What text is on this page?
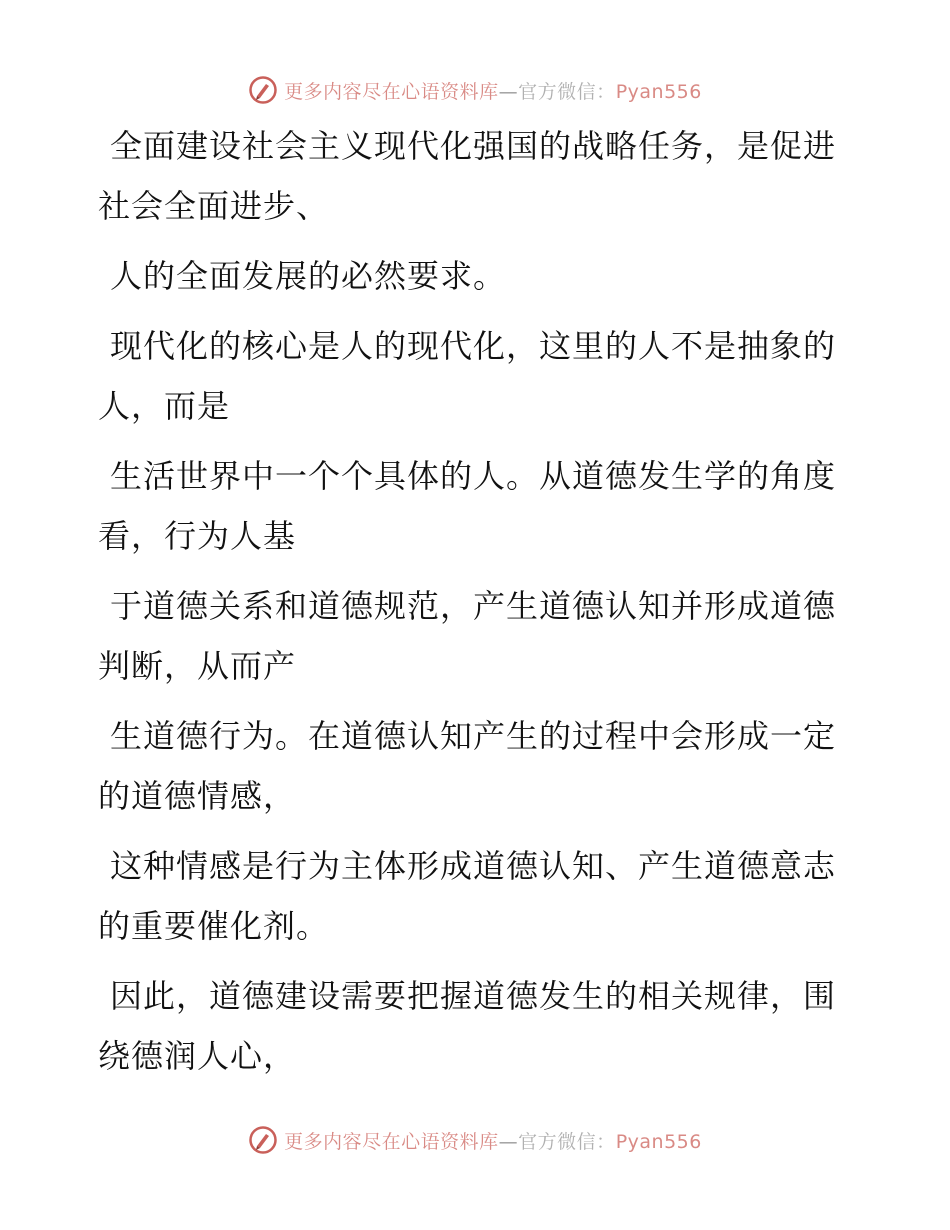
更多内容尽在心语资料库—官方微信：Pyan556

全面建设社会主义现代化强国的战略任务，是促进社会全面进步、

人的全面发展的必然要求。

现代化的核心是人的现代化，这里的人不是抽象的人，而是

生活世界中一个个具体的人。从道德发生学的角度看，行为人基

于道德关系和道德规范，产生道德认知并形成道德判断，从而产

生道德行为。在道德认知产生的过程中会形成一定的道德情感，

这种情感是行为主体形成道德认知、产生道德意志的重要催化剂。

因此，道德建设需要把握道德发生的相关规律，围绕德润人心，

更多内容尽在心语资料库—官方微信：Pyan556
